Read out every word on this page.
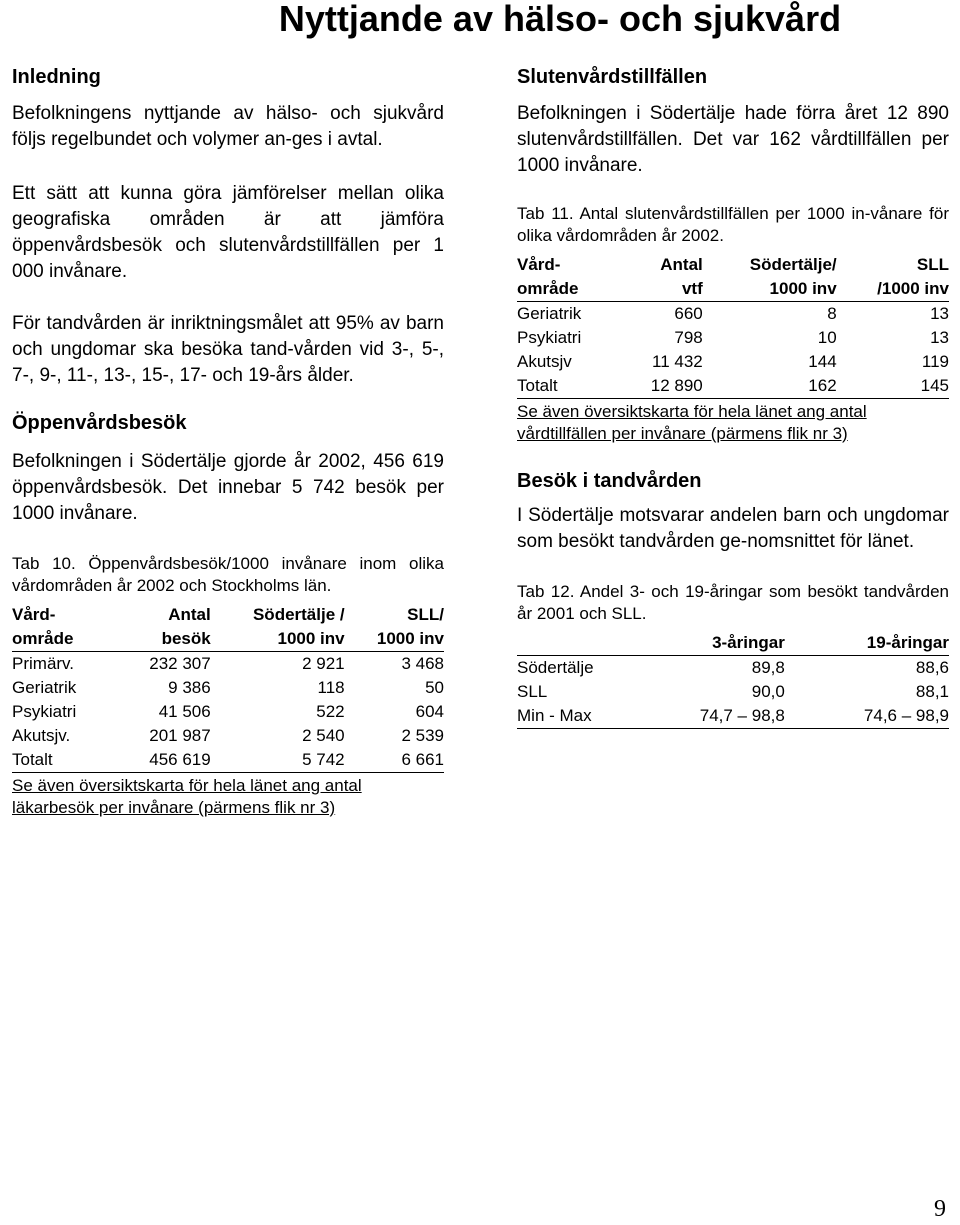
Nyttjande av hälso- och sjukvård

Inledning

Befolkningens nyttjande av hälso- och sjukvård följs regelbundet och volymer an-ges i avtal.

Ett sätt att kunna göra jämförelser mellan olika geografiska områden är att jämföra öppenvårdsbesök och slutenvårdstillfällen per 1 000 invånare.

För tandvården är inriktningsmålet att 95% av barn och ungdomar ska besöka tand-vården vid 3-, 5-, 7-, 9-, 11-, 13-, 15-, 17- och 19-års ålder.

Öppenvårdsbesök

Befolkningen i Södertälje gjorde år 2002, 456 619 öppenvårdsbesök. Det innebar 5 742 besök per 1000 invånare.

Tab 10. Öppenvårdsbesök/1000 invånare inom olika vårdområden år 2002 och Stockholms län.

Vård-	Antal	Södertälje /	SLL/
område	besök	1000 inv	1000 inv
Primärv.	232 307	2 921	3 468
Geriatrik	9 386	118	50
Psykiatri	41 506	522	604
Akutsjv.	201 987	2 540	2 539
Totalt	456 619	5 742	6 661

Se även översiktskarta för hela länet ang antal läkarbesök per invånare (pärmens flik nr 3)

Slutenvårdstillfällen

Befolkningen i Södertälje hade förra året 12 890 slutenvårdstillfällen. Det var 162 vårdtillfällen per 1000 invånare.

Tab 11. Antal slutenvårdstillfällen per 1000 in-vånare för olika vårdområden år 2002.

Vård-	Antal	Södertälje/	SLL
område	vtf	1000 inv	/1000 inv
Geriatrik	660	8	13
Psykiatri	798	10	13
Akutsjv	11 432	144	119
Totalt	12 890	162	145

Se även översiktskarta för hela länet ang antal vårdtillfällen per invånare (pärmens flik nr 3)

Besök i tandvården

I Södertälje motsvarar andelen barn och ungdomar som besökt tandvården ge-nomsnittet för länet.

Tab 12. Andel 3- och 19-åringar som besökt tandvården år 2001 och SLL.

	3-åringar	19-åringar
Södertälje	89,8	88,6
SLL	90,0	88,1
Min - Max	74,7 – 98,8	74,6 – 98,9
9
